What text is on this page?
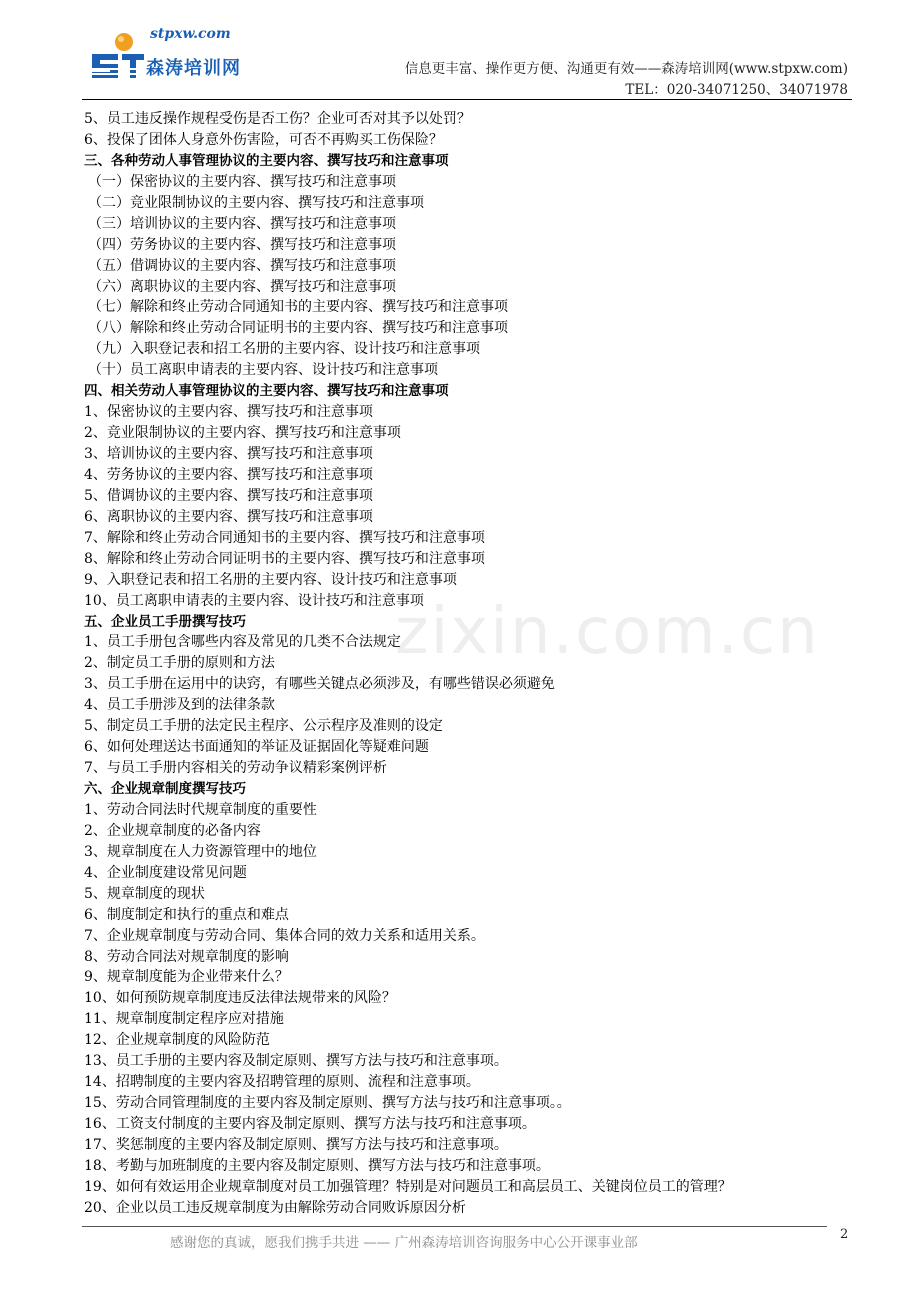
stpxw.com
森涛培训网	信息更丰富、操作更方便、沟通更有效——森涛培训网(www.stpxw.com)
TEL：020-34071250、34071978
5、员工违反操作规程受伤是否工伤？企业可否对其予以处罚？
6、投保了团体人身意外伤害险，可否不再购买工伤保险？
三、各种劳动人事管理协议的主要内容、撰写技巧和注意事项
（一）保密协议的主要内容、撰写技巧和注意事项
（二）竞业限制协议的主要内容、撰写技巧和注意事项
（三）培训协议的主要内容、撰写技巧和注意事项
（四）劳务协议的主要内容、撰写技巧和注意事项
（五）借调协议的主要内容、撰写技巧和注意事项
（六）离职协议的主要内容、撰写技巧和注意事项
（七）解除和终止劳动合同通知书的主要内容、撰写技巧和注意事项
（八）解除和终止劳动合同证明书的主要内容、撰写技巧和注意事项
（九）入职登记表和招工名册的主要内容、设计技巧和注意事项
（十）员工离职申请表的主要内容、设计技巧和注意事项
四、相关劳动人事管理协议的主要内容、撰写技巧和注意事项
1、保密协议的主要内容、撰写技巧和注意事项
2、竞业限制协议的主要内容、撰写技巧和注意事项
3、培训协议的主要内容、撰写技巧和注意事项
4、劳务协议的主要内容、撰写技巧和注意事项
5、借调协议的主要内容、撰写技巧和注意事项
6、离职协议的主要内容、撰写技巧和注意事项
7、解除和终止劳动合同通知书的主要内容、撰写技巧和注意事项
8、解除和终止劳动合同证明书的主要内容、撰写技巧和注意事项
9、入职登记表和招工名册的主要内容、设计技巧和注意事项
10、员工离职申请表的主要内容、设计技巧和注意事项
五、企业员工手册撰写技巧
1、员工手册包含哪些内容及常见的几类不合法规定
2、制定员工手册的原则和方法
3、员工手册在运用中的诀窍，有哪些关键点必须涉及，有哪些错误必须避免
4、员工手册涉及到的法律条款
5、制定员工手册的法定民主程序、公示程序及准则的设定
6、如何处理送达书面通知的举证及证据固化等疑难问题
7、与员工手册内容相关的劳动争议精彩案例评析
六、企业规章制度撰写技巧
1、劳动合同法时代规章制度的重要性
2、企业规章制度的必备内容
3、规章制度在人力资源管理中的地位
4、企业制度建设常见问题
5、规章制度的现状
6、制度制定和执行的重点和难点
7、企业规章制度与劳动合同、集体合同的效力关系和适用关系。
8、劳动合同法对规章制度的影响
9、规章制度能为企业带来什么？
10、如何预防规章制度违反法律法规带来的风险？
11、规章制度制定程序应对措施
12、企业规章制度的风险防范
13、员工手册的主要内容及制定原则、撰写方法与技巧和注意事项。
14、招聘制度的主要内容及招聘管理的原则、流程和注意事项。
15、劳动合同管理制度的主要内容及制定原则、撰写方法与技巧和注意事项。。
16、工资支付制度的主要内容及制定原则、撰写方法与技巧和注意事项。
17、奖惩制度的主要内容及制定原则、撰写方法与技巧和注意事项。
18、考勤与加班制度的主要内容及制定原则、撰写方法与技巧和注意事项。
19、如何有效运用企业规章制度对员工加强管理？特别是对问题员工和高层员工、关键岗位员工的管理？
20、企业以员工违反规章制度为由解除劳动合同败诉原因分析
zixin.com.cn
感谢您的真诚，愿我们携手共进 —— 广州森涛培训咨询服务中心公开课事业部
2
